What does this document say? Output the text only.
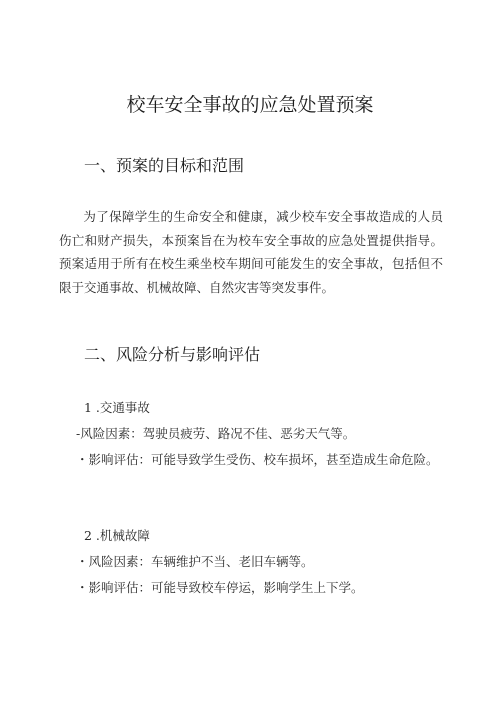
校车安全事故的应急处置预案
一、预案的目标和范围
为了保障学生的生命安全和健康，减少校车安全事故造成的人员伤亡和财产损失，本预案旨在为校车安全事故的应急处置提供指导。预案适用于所有在校生乘坐校车期间可能发生的安全事故，包括但不限于交通事故、机械故障、自然灾害等突发事件。
二、风险分析与影响评估
1 .交通事故
-风险因素：驾驶员疲劳、路况不佳、恶劣天气等。
・影响评估：可能导致学生受伤、校车损坏，甚至造成生命危险。
2 .机械故障
・风险因素：车辆维护不当、老旧车辆等。
・影响评估：可能导致校车停运，影响学生上下学。
